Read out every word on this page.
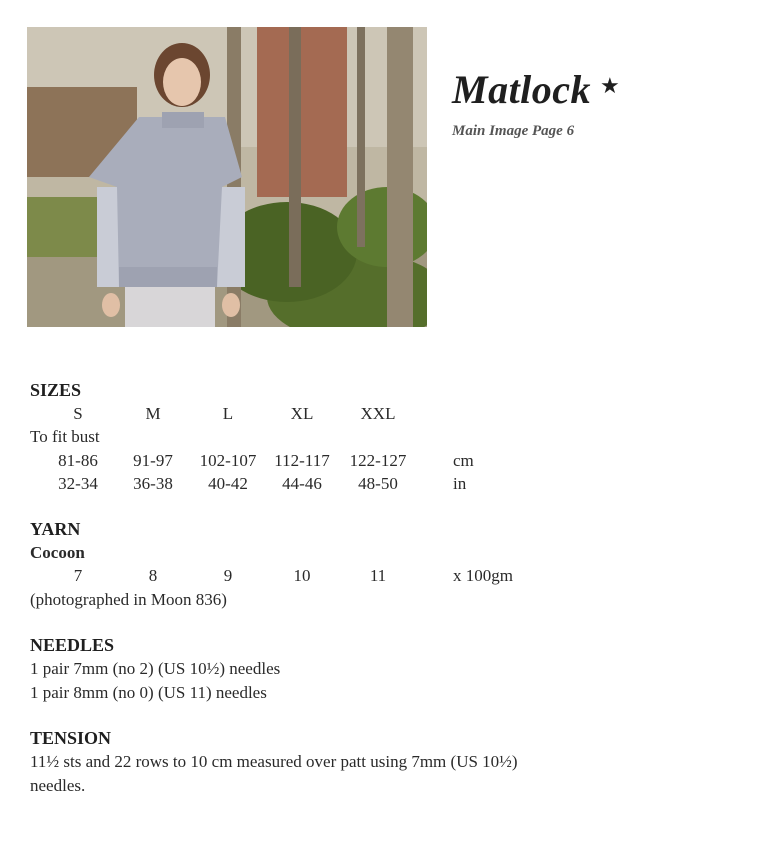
Matlock ★
Main Image Page 6
SIZES
S	M	L	XL	XXL
To fit bust
81-86 91-97 102-107 112-117 122-127	cm
32-34 36-38 40-42 44-46 48-50	in
YARN
Cocoon
7	8	9	10	11	x 100gm
(photographed in Moon 836)
NEEDLES
1 pair 7mm (no 2) (US 10½) needles
1 pair 8mm (no 0) (US 11) needles
TENSION
11½ sts and 22 rows to 10 cm measured over patt using 7mm (US 10½)
needles.
